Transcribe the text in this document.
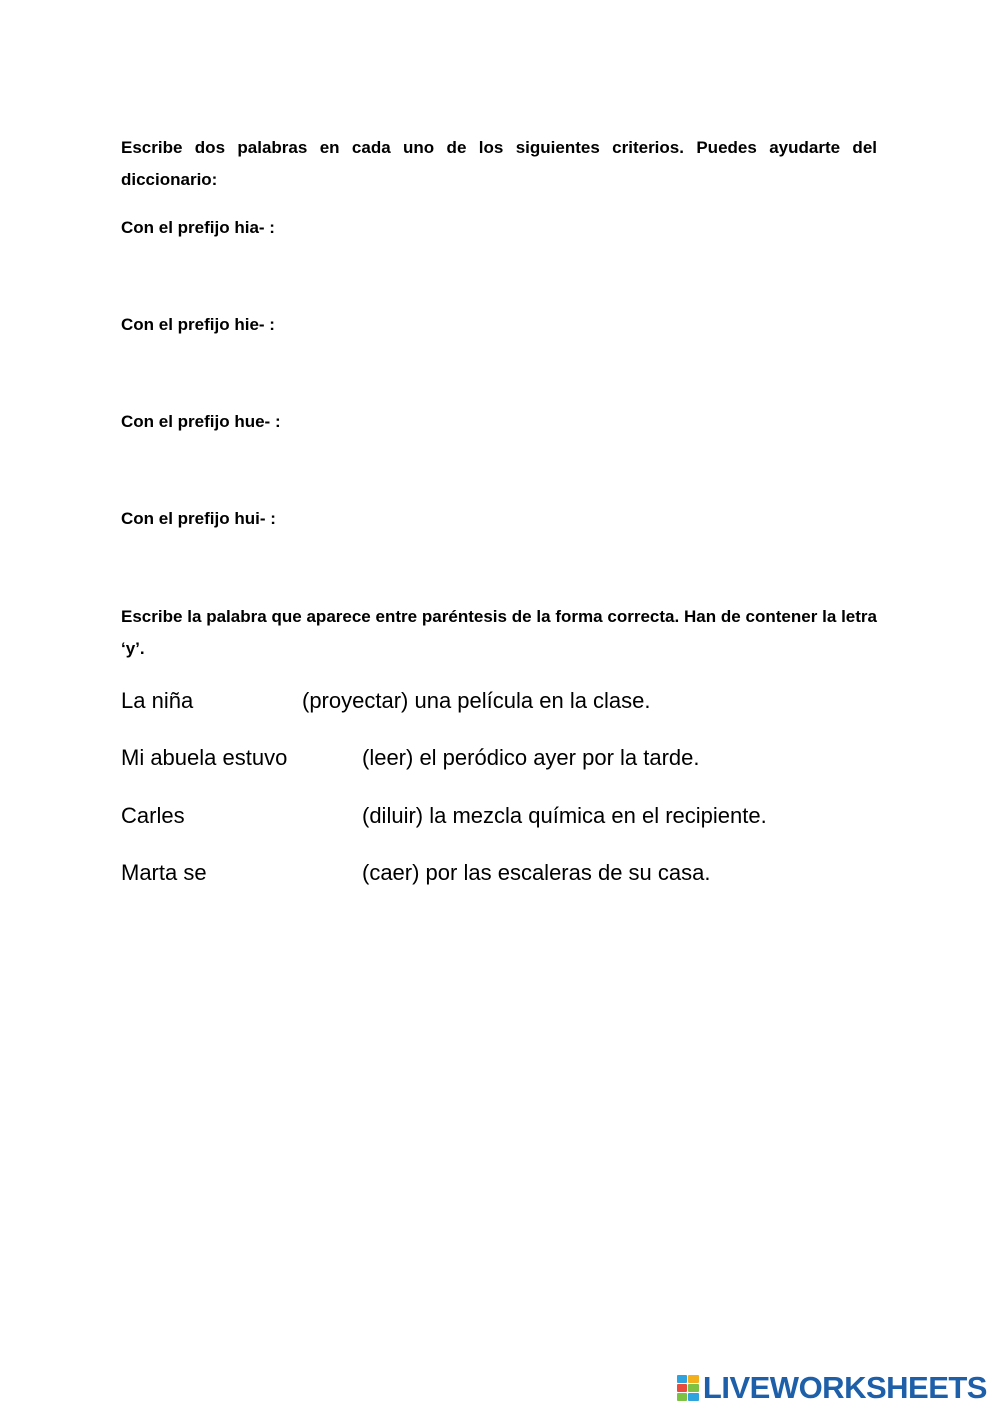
Escribe dos palabras en cada uno de los siguientes criterios. Puedes ayudarte del diccionario:
Con el prefijo hia- :
Con el prefijo hie- :
Con el prefijo hue- :
Con el prefijo hui- :
Escribe la palabra que aparece entre paréntesis de la forma correcta. Han de contener la letra ‘y’.
La niña	(proyectar) una película en la clase.
Mi abuela estuvo	(leer) el peródico ayer por la tarde.
Carles	(diluir) la mezcla química en el recipiente.
Marta se	(caer) por las escaleras de su casa.
LIVEWORKSHEETS
